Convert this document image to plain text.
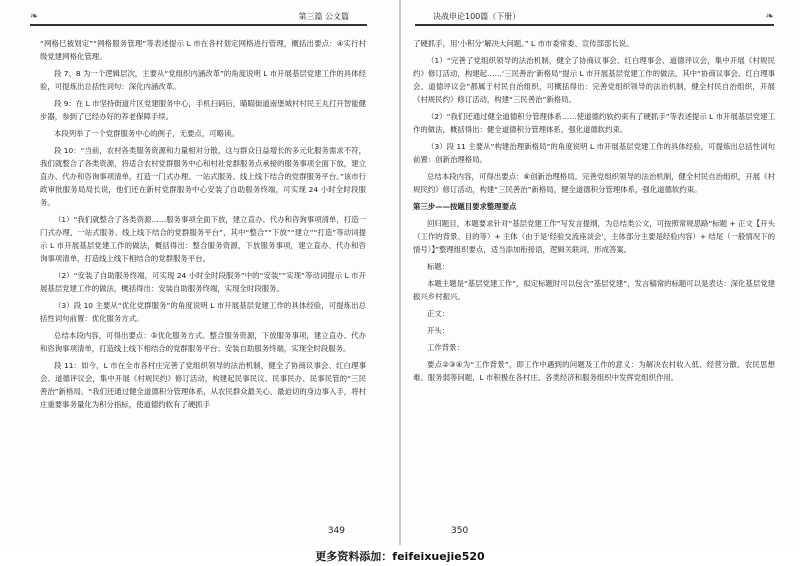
❧	第三篇 公文篇

“网格巳被划定”“网格服务管理”等表述提示 L 市在各村划定网格进行管理，概括出要点：④实行村级党建网格化管理。

段 7、8 为一个逻辑层次，主要从“党组织内涵改革”的角度说明 L 市开展基层党建工作的具体经验，可提炼出总括性词句：深化内涵改革。

段 9：在 L 市坚持街道片区党建服务中心，手机扫码后，瞄瞄街道南堡城村村民王丸打开智能健步器，参到了已经办好的养老保障手续。

本段列举了一个党群服务中心的例子，无要点，可略读。

段 10：“当前，农村各类服务资源和力量相对分散，这与群众日益增长的多元化服务需求不符，我们就整合了各类资源，将适合农村党群服务中心和村社党群服务点承接的服务事项全面下放，建立直办、代办和咨询事项清单，打造一门式办理、一站式服务、线上线下结合的党群服务平台。”该市行政审批服务局局长说，他们还在新村党群服务中心安装了自助服务终端，可实现 24 小时全时段服务。

（1）“我们就整合了各类资源……服务事项全面下放，建立直办、代办和咨询事项清单，打造一门式办理、一站式服务、线上线下结合的党群服务平台”，其中“整合”“下放”“建立”“打造”等动词提示 L 市开展基层党建工作的做法，概括得出：整合服务资源，下放服务事项，建立直办、代办和咨询事项清单，打造线上线下相结合的党群服务平台。

（2）“安装了自助服务终端，可实现 24 小时全时段服务”中的“安装”“实现”等动词提示 L 市开展基层党建工作的做法，概括得出：安装自助服务终端，实现全时段服务。

（3）段 10 主要从“优化党群服务”的角度说明 L 市开展基层党建工作的具体经验，可提炼出总括性词句前置：优化服务方式。

总结本段内容，可得出要点：⑤优化服务方式。整合服务资源，下放服务事项，建立直办、代办和咨询事项清单，打造线上线下相结合的党群服务平台；安装自助服务终端，实现全时段服务。

段 11：如今，L 市在全市各村庄完善了党组织领导的法治机制，健全了协商议事会、红白理事会、道德评议会，集中开展《村规民约》修订活动，构建起民事民议、民事民办、民事民管的“三民善治”新格局。“我们还通过健全道德积分管理体系，从农民群众最关心、最迫切的身边事入手，将村庄重要事务量化为积分指标，使道德约软有了硬抓手

349
决战申论100篇（下册）	❧

了硬抓手，用‘小积分’解决大问题。” L 市市委常委、宣传部部长说。

（1）“完善了党组织领导的法治机制，健全了协商议事会、红白理事会、道德评议会，集中开展《村规民约》修订活动，构建起……‘三民善治’新格局”提示 L 市开展基层党建工作的做法，其中“协商议事会、红白理事会、道德评议会”都属于村民自治组织，可概括得出：完善党组织领导的法治机制，健全村民自治组织，开展《村规民约》修订活动，构建“三民善治”新格局。

（2）“我们还通过健全道德积分管理体系……使道德约软约束有了硬抓手”等表述提示 L 市开展基层党建工作的做法，概括得出：健全道德积分管理体系，强化道德软约束。

（3）段 11 主要从“构建治理新格局”的角度说明 L 市开展基层党建工作的具体经验，可提炼出总括性词句前置：创新治理格局。

总结本段内容，可得出要点：⑥创新治理格局。完善党组织领导的法治机制，健全村民自治组织，开展《村规民约》修订活动，构建“三民善治”新格局，健全道德积分管理体系，强化道德软约束。

第三步——按题目要求整理要点

回归题目，本题要求针对“基层党建工作”写发言提纲，为总结类公文，可按照常规思路“标题 + 正文【开头（工作的背景、目的等）+ 主体（由于是‘经验交流座谈会’，主体部分主要是经验内容）+ 结尾（一般情况下的情号）】”整理组织要点，适当添加衔接语，逻辑关联词，形成答案。

标题：

本题主题是“基层党建工作”，拟定标题时可以包含“基层党建”，发言稿常的标题可以是表达：深化基层党建 振兴乡村振兴。

正文：

开头：

工作背景：

要点②③④为“工作背景”，即工作中遇到的问题及工作的意义：为解决农村收入低、经营分散、农民思想难、服务弱等问题，L 市积极在各村庄、各类经济和服务组织中发挥党组织作用。

350
更多资料添加：feifeixuejie520
